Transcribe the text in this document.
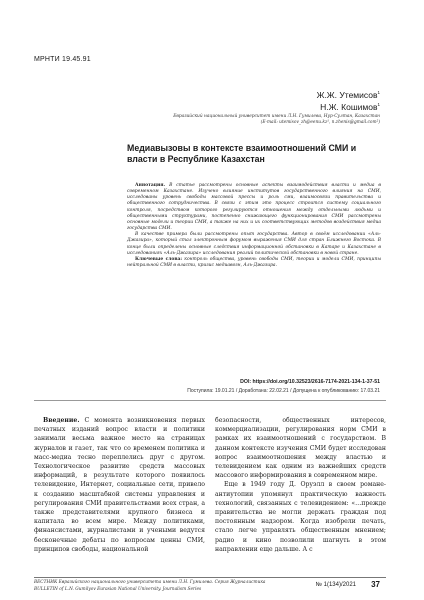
МРНТИ 19.45.91
Ж.Ж. Утемисов$^1$
Н.Ж. Кошимов$^1$
Евразийский национальный университет имени Л.Н. Гумилева, Нур-Султан, Казахстан
(E-mail: utemisov_zh@eenu.kz¹, n.zhenis@gmail.com²)
Медиавызовы в контексте взаимоотношений СМИ и
власти в Республике Казахстан

Аннотация. В статье рассмотрены основные аспекты взаимодействия власти и медиа в современном Казахстане. Изучено влияние институтов государственного влияния на СМИ, исследованы уровень свободы массовой прессы и роль сми, взаимосвязи правительства и общественного сотрудничества. В связи с этим это процесс строится систему социального контроля, посредством которого регулируются отношения между отдельными людьми и общественными структурами, постепенно снижающего функционирования СМИ рассмотрены основные модели и теории СМИ, а также на них и их соответствующих методов воздействия медиа государства СМИ.

В качестве примера были рассмотрены опыт государства. Автор в своём исследовании «Аль-Джазира», который стал электронным форумом выражения СМИ для стран Ближнего Востока. В конце были определены основные следствия информационной обстановки в Катаре и Казахстане в исследованиях «Аль-Джазира» исследования реалий политической обстановки в новой стране.

Ключевые слова: контроль общества, уровень свободы СМИ, теории и модели СМИ, принципы нейтральной СМИ в власти, кризис медиавозн, Аль-Джазира.

DOI: https://doi.org/10.32523/2616-7174-2021-134-1-37-51
Поступила: 19.01.21 / Доработана: 22.02.21 / Допущена к опубликованию: 17.03.21

Введение. С момента возникновения первых печатных изданий вопрос власти и политики занимали весьма важное место на страницах журналов и газет, так что со временем политика и масс-медиа тесно переплелись друг с другом. Технологическое развитие средств массовых информаций, в результате которого появилось телевидение, Интернет, социальные сети, привело к созданию масштабной системы управления и регулирования СМИ правительствами всех стран, а также представителями крупного бизнеса и капитала во всем мире. Между политиками, финансистами, журналистами и учеными ведутся бесконечные дебаты по вопросам ценны СМИ, принципов свободы, национальной

безопасности, общественных интересов, коммерциализации, регулирования норм СМИ в рамках их взаимоотношений с государством. В данном контексте изучения СМИ будет исследован вопрос взаимоотношения между властью и телевидением как одним из важнейших средств массового информирования в современном мире.

Еще в 1949 году Д. Оруэлл в своем романе-антиутопии упомянул практическую важность технологий, связанных с телевидением: «…прежде правительства не могли держать граждан под постоянным надзором. Когда изобрели печать, стало легче управлять общественным мнением; радио и кино позволили шагнуть в этом направлении еще дальше. А с

ВЕСТНИК Евразийского национального университета имени Л.Н. Гумилева. Серия Журналистика
BULLETIN of L.N. Gumilyov Eurasian National University. Journalism Series
№ 1(134)/2021 37
